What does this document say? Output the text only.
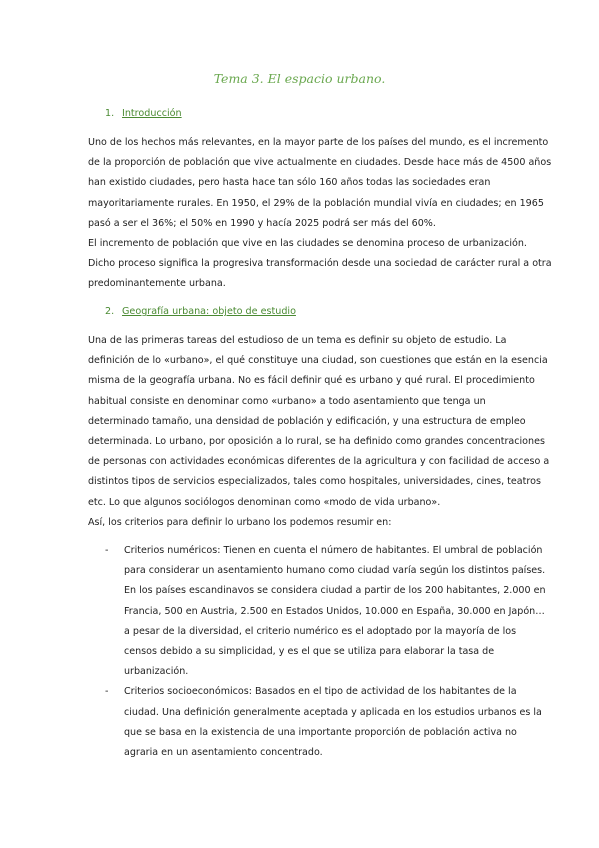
Tema 3. El espacio urbano.
1. Introducción
Uno de los hechos más relevantes, en la mayor parte de los países del mundo, es el incremento
de la proporción de población que vive actualmente en ciudades. Desde hace más de 4500 años
han existido ciudades, pero hasta hace tan sólo 160 años todas las sociedades eran
mayoritariamente rurales. En 1950, el 29% de la población mundial vivía en ciudades; en 1965
pasó a ser el 36%; el 50% en 1990 y hacía 2025 podrá ser más del 60%.
El incremento de población que vive en las ciudades se denomina proceso de urbanización.
Dicho proceso significa la progresiva transformación desde una sociedad de carácter rural a otra
predominantemente urbana.
2. Geografía urbana: objeto de estudio
Una de las primeras tareas del estudioso de un tema es definir su objeto de estudio. La
definición de lo «urbano», el qué constituye una ciudad, son cuestiones que están en la esencia
misma de la geografía urbana. No es fácil definir qué es urbano y qué rural. El procedimiento
habitual consiste en denominar como «urbano» a todo asentamiento que tenga un
determinado tamaño, una densidad de población y edificación, y una estructura de empleo
determinada. Lo urbano, por oposición a lo rural, se ha definido como grandes concentraciones
de personas con actividades económicas diferentes de la agricultura y con facilidad de acceso a
distintos tipos de servicios especializados, tales como hospitales, universidades, cines, teatros
etc. Lo que algunos sociólogos denominan como «modo de vida urbano».
Así, los criterios para definir lo urbano los podemos resumir en:
- Criterios numéricos: Tienen en cuenta el número de habitantes. El umbral de población
para considerar un asentamiento humano como ciudad varía según los distintos países.
En los países escandinavos se considera ciudad a partir de los 200 habitantes, 2.000 en
Francia, 500 en Austria, 2.500 en Estados Unidos, 10.000 en España, 30.000 en Japón…
a pesar de la diversidad, el criterio numérico es el adoptado por la mayoría de los
censos debido a su simplicidad, y es el que se utiliza para elaborar la tasa de
urbanización.
- Criterios socioeconómicos: Basados en el tipo de actividad de los habitantes de la
ciudad. Una definición generalmente aceptada y aplicada en los estudios urbanos es la
que se basa en la existencia de una importante proporción de población activa no
agraria en un asentamiento concentrado.
